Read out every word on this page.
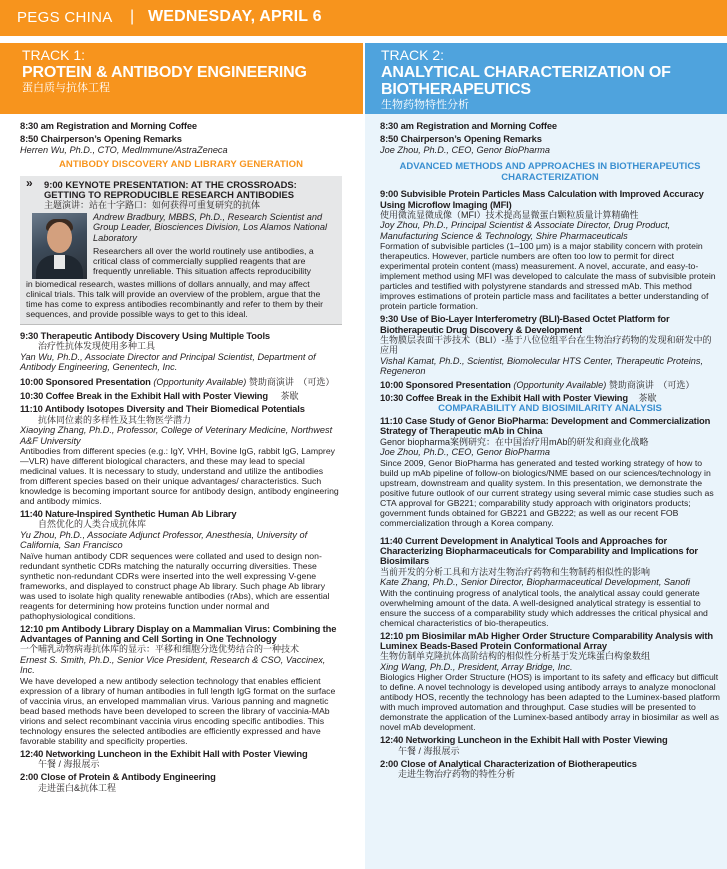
PEGS CHINA | WEDNESDAY, APRIL 6
TRACK 1:
PROTEIN & ANTIBODY ENGINEERING
蛋白质与抗体工程
TRACK 2:
ANALYTICAL CHARACTERIZATION OF BIOTHERAPEUTICS
生物药物特性分析
8:30 am Registration and Morning Coffee
8:50 Chairperson’s Opening Remarks
Herren Wu, Ph.D., CTO, MedImmune/AstraZeneca
ANTIBODY DISCOVERY AND LIBRARY GENERATION
»	9:00 KEYNOTE PRESENTATION: AT THE CROSSROADS: GETTING TO REPRODUCIBLE RESEARCH ANTIBODIES
主题演讲：站在十字路口：如何获得可重复研究的抗体
Andrew Bradbury, MBBS, Ph.D., Research Scientist and Group Leader, Biosciences Division, Los Alamos National Laboratory
Researchers all over the world routinely use antibodies, a critical class of commercially supplied reagents that are frequently unreliable. This situation affects reproducibility
in biomedical research, wastes millions of dollars annually, and may affect clinical trials. This talk will provide an overview of the problem, argue that the time has come to express antibodies recombinantly and refer to them by their sequences, and provide possible ways to get to this ideal.
9:30 Therapeutic Antibody Discovery Using Multiple Tools
治疗性抗体发现使用多种工具
Yan Wu, Ph.D., Associate Director and Principal Scientist, Department of Antibody Engineering, Genentech, Inc.
10:00 Sponsored Presentation (Opportunity Available) 赞助商演讲　（可选）
10:30 Coffee Break in the Exhibit Hall with Poster Viewing 茶歇
11:10 Antibody Isotopes Diversity and Their Biomedical Potentials
抗体同位素的多样性及其生物医学潜力
Xiaoying Zhang, Ph.D., Professor, College of Veterinary Medicine, Northwest A&F University
Antibodies from different species (e.g.: IgY, VHH, Bovine IgG, rabbit IgG, Lamprey—VLR) have different biological characters, and these may lead to special medicinal values. It is necessary to study, understand and utilize the antibodies from different species based on their unique advantages/ characteristics. Such knowledge is becoming important source for antibody design, antibody engineering and antibody mimics.
11:40 Nature-Inspired Synthetic Human Ab Library
自然优化的人类合成抗体库
Yu Zhou, Ph.D., Associate Adjunct Professor, Anesthesia, University of California, San Francisco
Naïve human antibody CDR sequences were collated and used to design non-redundant synthetic CDRs matching the naturally occurring diversities. These synthetic non-redundant CDRs were inserted into the well expressing V-gene frameworks, and displayed to construct phage Ab library. Such phage Ab library was used to isolate high quality renewable antibodies (rAbs), which are essential reagents for determining how proteins function under normal and pathophysiological conditions.
12:10 pm Antibody Library Display on a Mammalian Virus: Combining the Advantages of Panning and Cell Sorting in One Technology
一个哺乳动物病毒抗体库的显示：平移和细胞分选优势结合的一种技术
Ernest S. Smith, Ph.D., Senior Vice President, Research & CSO, Vaccinex, Inc.
We have developed a new antibody selection technology that enables efficient expression of a library of human antibodies in full length IgG format on the surface of vaccinia virus, an enveloped mammalian virus. Various panning and magnetic bead based methods have been developed to screen the library of vaccinia-MAb virions and select recombinant vaccinia virus encoding specific antibodies. This technology ensures the selected antibodies are efficiently expressed and have favorable stability and specificity properties.
12:40 Networking Luncheon in the Exhibit Hall with Poster Viewing
午餐 / 海报展示
2:00 Close of Protein & Antibody Engineering
走进蛋白&抗体工程
8:30 am Registration and Morning Coffee
8:50 Chairperson’s Opening Remarks
Joe Zhou, Ph.D., CEO, Genor BioPharma
ADVANCED METHODS AND APPROACHES IN BIOTHERAPEUTICS CHARACTERIZATION
9:00 Subvisible Protein Particles Mass Calculation with Improved Accuracy Using Microflow Imaging (MFI)
使用微流显微成像（MFI）技术提高显微蛋白颗粒质量计算精确性
Joy Zhou, Ph.D., Principal Scientist & Associate Director, Drug Product, Manufacturing Science & Technology, Shire Pharmaceuticals
Formation of subvisible particles (1–100 μm) is a major stability concern with protein therapeutics. However, particle numbers are often too low to permit for direct experimental protein content (mass) measurement. A novel, accurate, and easy-to-implement method using MFI was developed to calculate the mass of subvisible protein particles and testified with polystyrene standards and stressed mAb. This method improves estimations of protein particle mass and facilitates a better understanding of protein particle formation.
9:30 Use of Bio-Layer Interferometry (BLI)-Based Octet Platform for Biotherapeutic Drug Discovery & Development
生物膜层表面干涉技术（BLI）-基于八位位组平台在生物治疗药物的发现和研发中的应用
Vishal Kamat, Ph.D., Scientist, Biomolecular HTS Center, Therapeutic Proteins, Regeneron
10:00 Sponsored Presentation (Opportunity Available) 赞助商演讲　（可选）
10:30 Coffee Break in the Exhibit Hall with Poster Viewing 茶歇
COMPARABILITY AND BIOSIMILARITY ANALYSIS
11:10 Case Study of Genor BioPharma: Development and Commercialization Strategy of Therapeutic mAb in China
Genor biopharma案例研究：在中国治疗用mAb的研发和商业化战略
Joe Zhou, Ph.D., CEO, Genor BioPharma
Since 2009, Genor BioPharma has generated and tested working strategy of how to build up mAb pipeline of follow-on biologics/NME based on our sciences/technology in upstream, downstream and quality system. In this presentation, we demonstrate the positive future outlook of our current strategy using several mimic case studies such as CTA approval for GB221; comparability study approach with originators products; government funds obtained for GB221 and GB222; as well as our recent FOB commercialization through a Korea company.
11:40 Current Development in Analytical Tools and Approaches for Characterizing Biopharmaceuticals for Comparability and Implications for Biosimilars
当前开发的分析工具和方法对生物治疗药物和生物制药相似性的影响
Kate Zhang, Ph.D., Senior Director, Biopharmaceutical Development, Sanofi
With the continuing progress of analytical tools, the analytical assay could generate overwhelming amount of the data. A well-designed analytical strategy is essential to ensure the success of a comparability study which addresses the critical physical and chemical characteristics of bio-therapeutics.
12:10 pm Biosimilar mAb Higher Order Structure Comparability Analysis with Luminex Beads-Based Protein Conformational Array
生物仿制单克隆抗体高阶结构的相似性分析基于发光珠蛋白构象数组
Xing Wang, Ph.D., President, Array Bridge, Inc.
Biologics Higher Order Structure (HOS) is important to its safety and efficacy but difficult to define. A novel technology is developed using antibody arrays to analyze monoclonal antibody HOS, recently the technology has been adapted to the Luminex-based platform with much improved automation and throughput. Case studies will be presented to demonstrate the application of the Luminex-based antibody array in biosimilar as well as novel mAb development.
12:40 Networking Luncheon in the Exhibit Hall with Poster Viewing
午餐 / 海报展示
2:00 Close of Analytical Characterization of Biotherapeutics
走进生物治疗药物的特性分析
